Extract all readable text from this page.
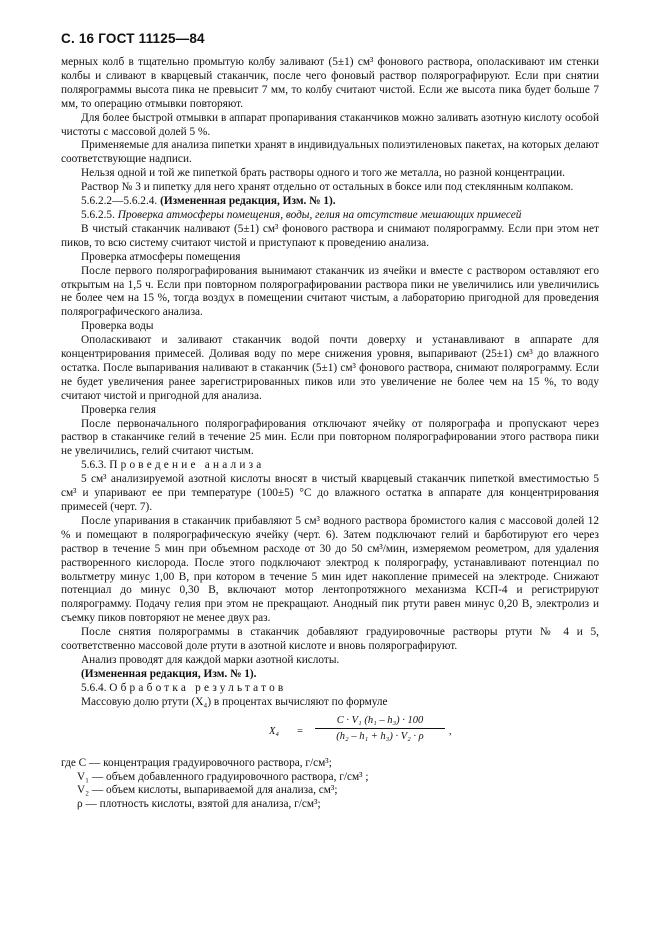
С. 16 ГОСТ 11125—84

мерных колб в тщательно промытую колбу заливают (5±1) см³ фонового раствора, ополаскивают им стенки колбы и сливают в кварцевый стаканчик, после чего фоновый раствор полярографируют. Если при снятии полярограммы высота пика не превысит 7 мм, то колбу считают чистой. Если же высота пика будет больше 7 мм, то операцию отмывки повторяют.

Для более быстрой отмывки в аппарат пропаривания стаканчиков можно заливать азотную кислоту особой чистоты с массовой долей 5 %.

Применяемые для анализа пипетки хранят в индивидуальных полиэтиленовых пакетах, на которых делают соответствующие надписи.

Нельзя одной и той же пипеткой брать растворы одного и того же металла, но разной концентрации.

Раствор № 3 и пипетку для него хранят отдельно от остальных в боксе или под стеклянным колпаком.

5.6.2.2—5.6.2.4. (Измененная редакция, Изм. № 1).

5.6.2.5. Проверка атмосферы помещения, воды, гелия на отсутствие мешающих примесей

В чистый стаканчик наливают (5±1) см³ фонового раствора и снимают полярограмму. Если при этом нет пиков, то всю систему считают чистой и приступают к проведению анализа.

Проверка атмосферы помещения

После первого полярографирования вынимают стаканчик из ячейки и вместе с раствором оставляют его открытым на 1,5 ч. Если при повторном полярографировании раствора пики не увеличились или увеличились не более чем на 15 %, тогда воздух в помещении считают чистым, а лабораторию пригодной для проведения полярографического анализа.

Проверка воды

Ополаскивают и заливают стаканчик водой почти доверху и устанавливают в аппарате для концентрирования примесей. Доливая воду по мере снижения уровня, выпаривают (25±1) см³ до влажного остатка. После выпаривания наливают в стаканчик (5±1) см³ фонового раствора, снимают полярограмму. Если не будет увеличения ранее зарегистрированных пиков или это увеличение не более чем на 15 %, то воду считают чистой и пригодной для анализа.

Проверка гелия

После первоначального полярографирования отключают ячейку от полярографа и пропускают через раствор в стаканчике гелий в течение 25 мин. Если при повторном полярографировании этого раствора пики не увеличились, гелий считают чистым.

5.6.3. Проведение анализа

5 см³ анализируемой азотной кислоты вносят в чистый кварцевый стаканчик пипеткой вместимостью 5 см³ и упаривают ее при температуре (100±5) °С до влажного остатка в аппарате для концентрирования примесей (черт. 7).

После упаривания в стаканчик прибавляют 5 см³ водного раствора бромистого калия с массовой долей 12 % и помещают в полярографическую ячейку (черт. 6). Затем подключают гелий и барботируют его через раствор в течение 5 мин при объемном расходе от 30 до 50 см³/мин, измеряемом реометром, для удаления растворенного кислорода. После этого подключают электрод к полярографу, устанавливают потенциал по вольтметру минус 1,00 В, при котором в течение 5 мин идет накопление примесей на электроде. Снижают потенциал до минус 0,30 В, включают мотор лентопротяжного механизма КСП-4 и регистрируют полярограмму. Подачу гелия при этом не прекращают. Анодный пик ртути равен минус 0,20 В, электролиз и съемку пиков повторяют не менее двух раз.

После снятия полярограммы в стаканчик добавляют градуировочные растворы ртути № 4 и 5, соответственно массовой доле ртути в азотной кислоте и вновь полярографируют.

Анализ проводят для каждой марки азотной кислоты.

(Измененная редакция, Изм. № 1).

5.6.4. Обработка результатов

Массовую долю ртути (X₄) в процентах вычисляют по формуле

$X_4 = \frac{\text{C · V₁ (h₁ – h₃) · 100}}{\text{(h₂ – h₁ + h₃) · V₂ · ρ}}$ ,

где C — концентрация градуировочного раствора, г/см³;

V₁ — объем добавленного градуировочного раствора, г/см³ ;

V₂ — объем кислоты, выпариваемой для анализа, см³;

ρ — плотность кислоты, взятой для анализа, г/см³;
